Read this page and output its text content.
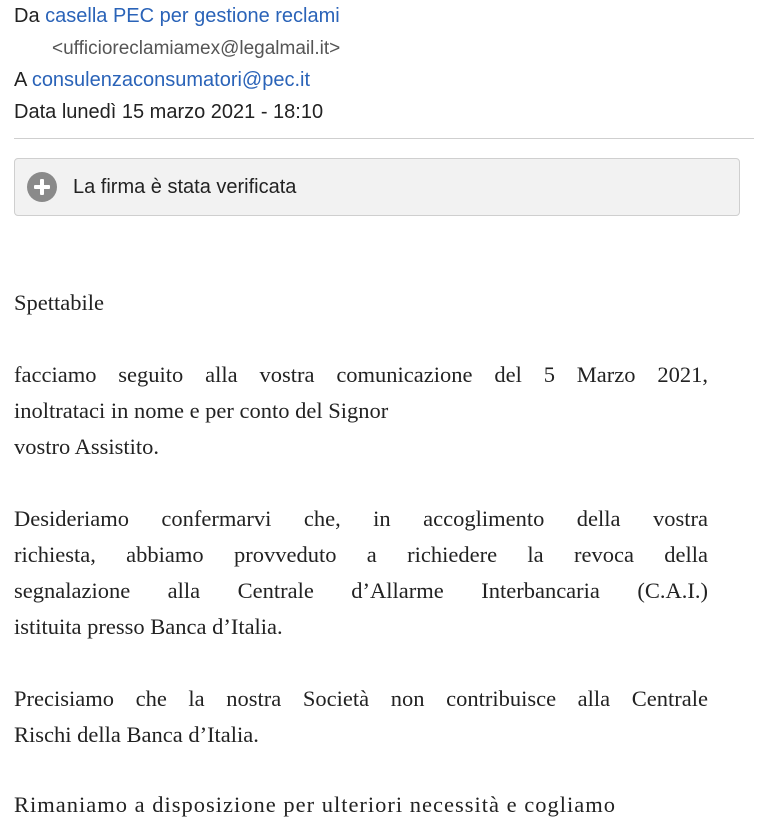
Da casella PEC per gestione reclami
<ufficioreclamiamex@legalmail.it>
A consulenzaconsumatori@pec.it
Data lunedì 15 marzo 2021 - 18:10
La firma è stata verificata

Spettabile

facciamo seguito alla vostra comunicazione del 5 Marzo 2021,
inoltrataci in nome e per conto del Signor
vostro Assistito.

Desideriamo confermarvi che, in accoglimento della vostra
richiesta, abbiamo provveduto a richiedere la revoca della
segnalazione alla Centrale d’Allarme Interbancaria (C.A.I.)
istituita presso Banca d’Italia.

Precisiamo che la nostra Società non contribuisce alla Centrale
Rischi della Banca d’Italia.

Rimaniamo a disposizione per ulteriori necessità e cogliamo
